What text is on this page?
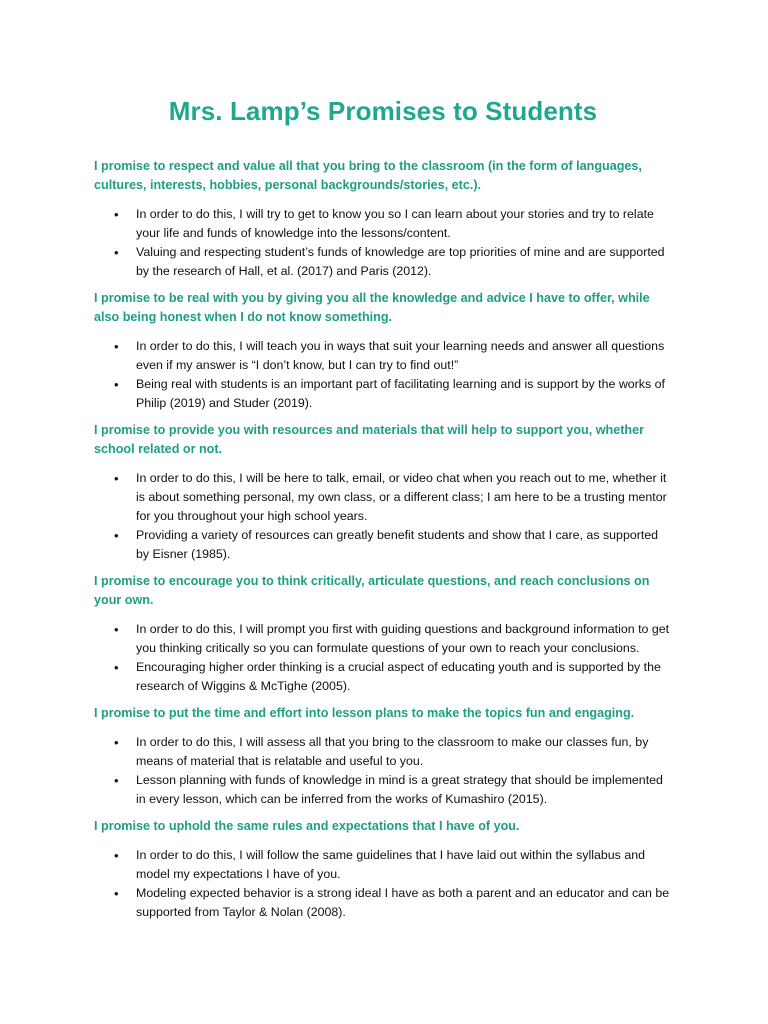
Mrs. Lamp’s Promises to Students

I promise to respect and value all that you bring to the classroom (in the form of languages, cultures, interests, hobbies, personal backgrounds/stories, etc.).

• In order to do this, I will try to get to know you so I can learn about your stories and try to relate your life and funds of knowledge into the lessons/content.
• Valuing and respecting student’s funds of knowledge are top priorities of mine and are supported by the research of Hall, et al. (2017) and Paris (2012).

I promise to be real with you by giving you all the knowledge and advice I have to offer, while also being honest when I do not know something.

• In order to do this, I will teach you in ways that suit your learning needs and answer all questions even if my answer is “I don’t know, but I can try to find out!”
• Being real with students is an important part of facilitating learning and is support by the works of Philip (2019) and Studer (2019).

I promise to provide you with resources and materials that will help to support you, whether school related or not.

• In order to do this, I will be here to talk, email, or video chat when you reach out to me, whether it is about something personal, my own class, or a different class; I am here to be a trusting mentor for you throughout your high school years.
• Providing a variety of resources can greatly benefit students and show that I care, as supported by Eisner (1985).

I promise to encourage you to think critically, articulate questions, and reach conclusions on your own.

• In order to do this, I will prompt you first with guiding questions and background information to get you thinking critically so you can formulate questions of your own to reach your conclusions.
• Encouraging higher order thinking is a crucial aspect of educating youth and is supported by the research of Wiggins & McTighe (2005).

I promise to put the time and effort into lesson plans to make the topics fun and engaging.

• In order to do this, I will assess all that you bring to the classroom to make our classes fun, by means of material that is relatable and useful to you.
• Lesson planning with funds of knowledge in mind is a great strategy that should be implemented in every lesson, which can be inferred from the works of Kumashiro (2015).

I promise to uphold the same rules and expectations that I have of you.

• In order to do this, I will follow the same guidelines that I have laid out within the syllabus and model my expectations I have of you.
• Modeling expected behavior is a strong ideal I have as both a parent and an educator and can be supported from Taylor & Nolan (2008).
